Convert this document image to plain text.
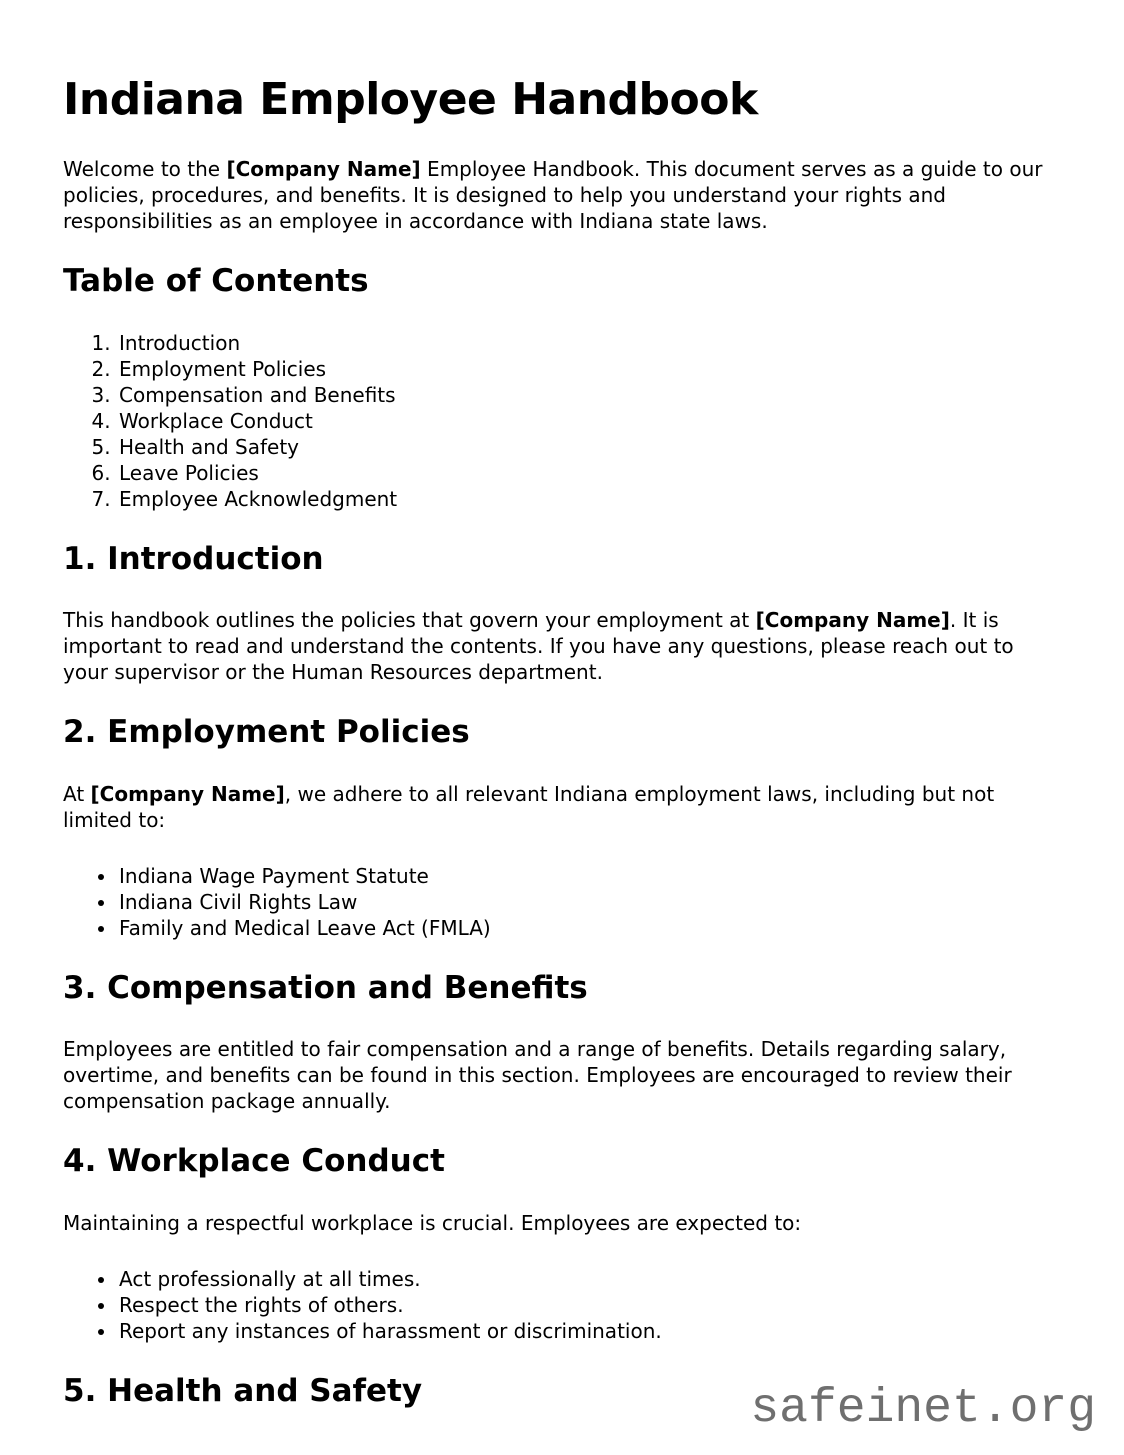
Indiana Employee Handbook

Welcome to the [Company Name] Employee Handbook. This document serves as a guide to our policies, procedures, and benefits. It is designed to help you understand your rights and responsibilities as an employee in accordance with Indiana state laws.

Table of Contents
1. Introduction
2. Employment Policies
3. Compensation and Benefits
4. Workplace Conduct
5. Health and Safety
6. Leave Policies
7. Employee Acknowledgment
1. Introduction

This handbook outlines the policies that govern your employment at [Company Name]. It is important to read and understand the contents. If you have any questions, please reach out to your supervisor or the Human Resources department.

2. Employment Policies

At [Company Name], we adhere to all relevant Indiana employment laws, including but not limited to:

• Indiana Wage Payment Statute
• Indiana Civil Rights Law
• Family and Medical Leave Act (FMLA)
3. Compensation and Benefits

Employees are entitled to fair compensation and a range of benefits. Details regarding salary, overtime, and benefits can be found in this section. Employees are encouraged to review their compensation package annually.

4. Workplace Conduct

Maintaining a respectful workplace is crucial. Employees are expected to:

• Act professionally at all times.
• Respect the rights of others.
• Report any instances of harassment or discrimination.
5. Health and Safety	safeinet.org
